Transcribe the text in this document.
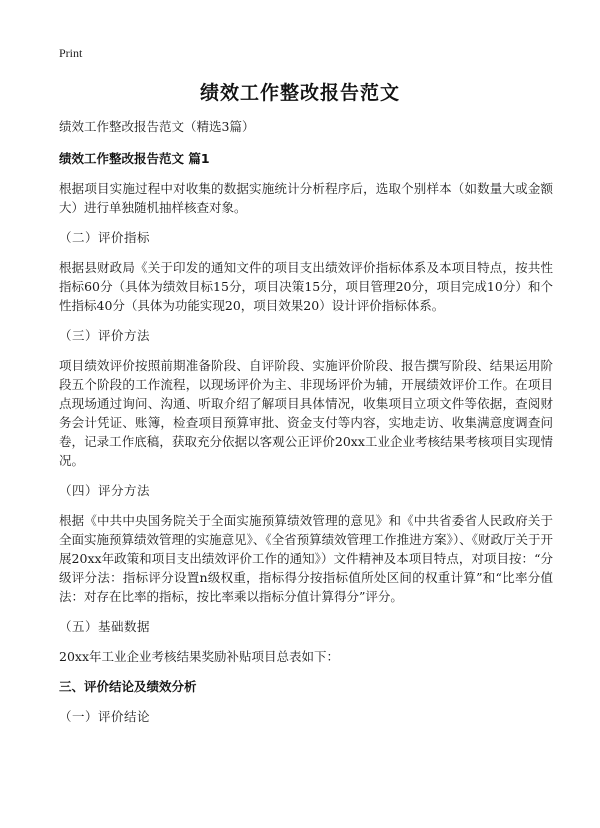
Print
绩效工作整改报告范文

绩效工作整改报告范文（精选3篇）

绩效工作整改报告范文 篇1

根据项目实施过程中对收集的数据实施统计分析程序后，选取个别样本（如数量大或金额大）进行单独随机抽样核查对象。

（二）评价指标

根据县财政局《关于印发的通知文件的项目支出绩效评价指标体系及本项目特点，按共性指标60分（具体为绩效目标15分，项目决策15分，项目管理20分，项目完成10分）和个性指标40分（具体为功能实现20，项目效果20）设计评价指标体系。

（三）评价方法

项目绩效评价按照前期准备阶段、自评阶段、实施评价阶段、报告撰写阶段、结果运用阶段五个阶段的工作流程，以现场评价为主、非现场评价为辅，开展绩效评价工作。在项目点现场通过询问、沟通、听取介绍了解项目具体情况，收集项目立项文件等依据，查阅财务会计凭证、账簿，检查项目预算审批、资金支付等内容，实地走访、收集满意度调查问卷，记录工作底稿，获取充分依据以客观公正评价20xx工业企业考核结果考核项目实现情况。

（四）评分方法

根据《中共中央国务院关于全面实施预算绩效管理的意见》和《中共省委省人民政府关于全面实施预算绩效管理的实施意见》、《全省预算绩效管理工作推进方案》）、《财政厅关于开展20xx年政策和项目支出绩效评价工作的通知》）文件精神及本项目特点，对项目按：“分级评分法：指标评分设置n级权重，指标得分按指标值所处区间的权重计算”和“比率分值法：对存在比率的指标，按比率乘以指标分值计算得分”评分。

（五）基础数据

20xx年工业企业考核结果奖励补贴项目总表如下：

三、评价结论及绩效分析
（一）评价结论
